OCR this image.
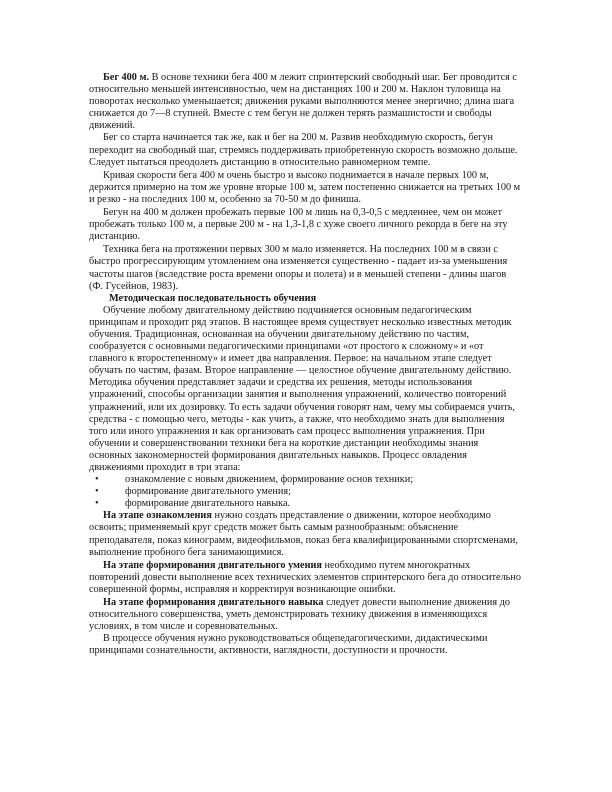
Бег 400 м. В основе техники бега 400 м лежит спринтерский свободный шаг. Бег проводится с относительно меньшей интенсивностью, чем на дистанциях 100 и 200 м. Наклон туловища на поворотах несколько уменьшается; движения руками выполняются менее энергично; длина шага снижается до 7—8 ступней. Вместе с тем бегун не должен терять размашистости и свободы движений.

Бег со старта начинается так же, как и бег на 200 м. Развив необходимую скорость, бегун переходит на свободный шаг, стремясь поддерживать приобретенную скорость возможно дольше. Следует пытаться преодолеть дистанцию в относительно равномерном темпе.

Кривая скорости бега 400 м очень быстро и высоко поднимается в начале первых 100 м, держится примерно на том же уровне вторые 100 м, затем постепенно снижается на третьих 100 м и резко - на последних 100 м, особенно за 70-50 м до финиша.

Бегун на 400 м должен пробежать первые 100 м лишь на 0,3-0,5 с медленнее, чем он может пробежать только 100 м, а первые 200 м - на 1,3-1,8 с хуже своего личного рекорда в беге на эту дистанцию.

Техника бега на протяжении первых 300 м мало изменяется. На последних 100 м в связи с быстро прогрессирующим утомлением она изменяется существенно - падает из-за уменьшения частоты шагов (вследствие роста времени опоры и полета) и в меньшей степени - длины шагов (Ф. Гусейнов, 1983).

Методическая последовательность обучения

Обучение любому двигательному действию подчиняется основным педагогическим принципам и проходит ряд этапов. В настоящее время существует несколько известных методик обучения. Традиционная, основанная на обучении двигательному действию по частям, сообразуется с основными педагогическими принципами «от простого к сложному» и «от главного к второстепенному» и имеет два направления. Первое: на начальном этапе следует обучать по частям, фазам. Второе направление — целостное обучение двигательному действию. Методика обучения представляет задачи и средства их решения, методы использования упражнений, способы организации занятия и выполнения упражнений, количество повторений упражнений, или их дозировку. То есть задачи обучения говорят нам, чему мы собираемся учить, средства - с помощью чего, методы - как учить, а также, что необходимо знать для выполнения того или иного упражнения и как организовать сам процесс выполнения упражнения. При обучении и совершенствовании техники бега на короткие дистанции необходимы знания основных закономерностей формирования двигательных навыков. Процесс овладения движениями проходит в три этапа:

•	ознакомление с новым движением, формирование основ техники;
•	формирование двигательного умения;
•	формирование двигательного навыка.

На этапе ознакомления нужно создать представление о движении, которое необходимо освоить; применяемый круг средств может быть самым разнообразным: объяснение преподавателя, показ кинограмм, видеофильмов, показ бега квалифицированными спортсменами, выполнение пробного бега занимающимися.

На этапе формирования двигательного умения необходимо путем многократных повторений довести выполнение всех технических элементов спринтерского бега до относительно совершенной формы, исправляя и корректируя возникающие ошибки.

На этапе формирования двигательного навыка следует довести выполнение движения до относительного совершенства, уметь демонстрировать технику движения в изменяющихся условиях, в том числе и соревновательных.

В процессе обучения нужно руководствоваться общепедагогическими, дидактическими принципами сознательности, активности, наглядности, доступности и прочности.
